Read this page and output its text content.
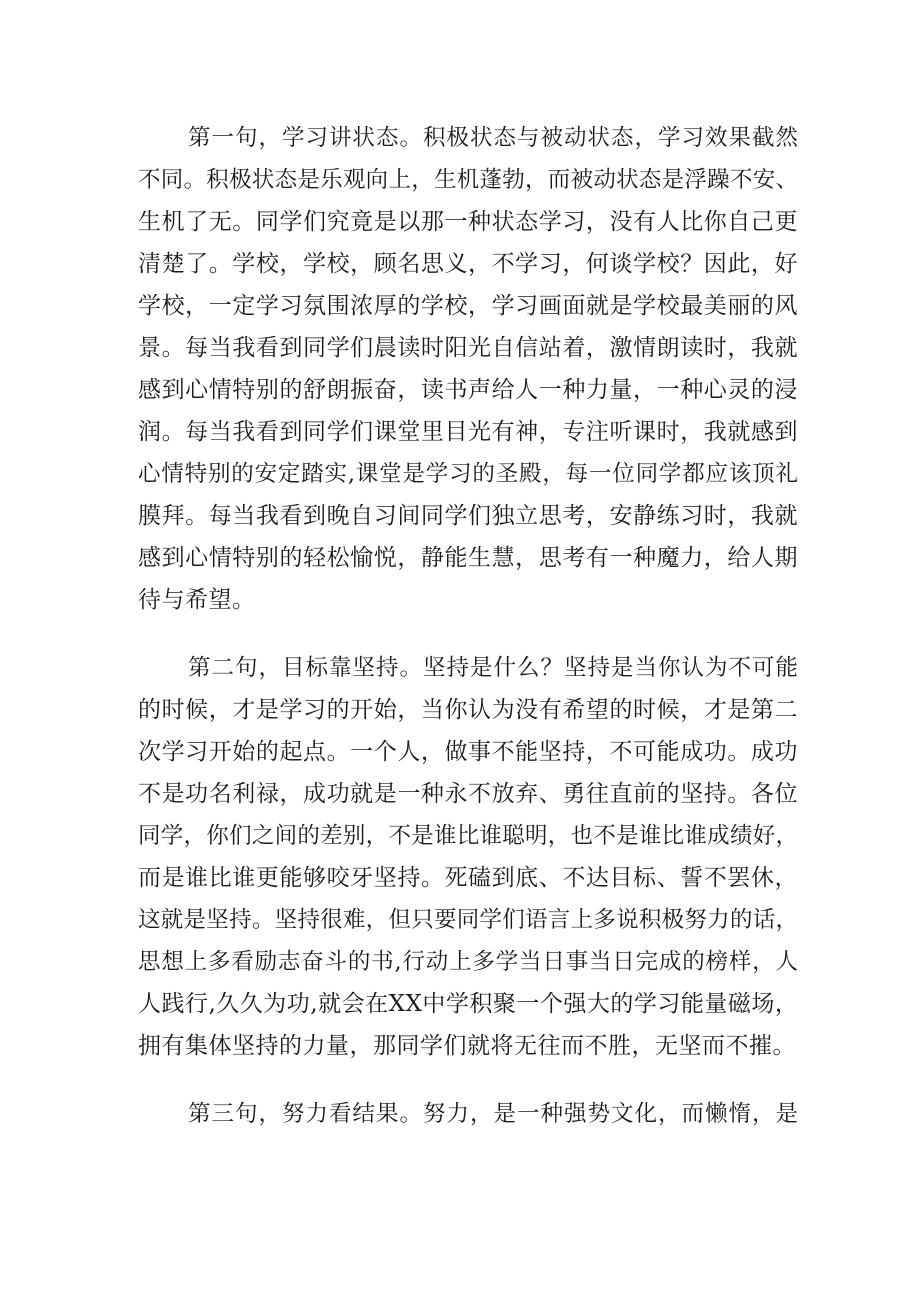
第一句，学习讲状态。积极状态与被动状态，学习效果截然
不同。积极状态是乐观向上，生机蓬勃，而被动状态是浮躁不安、
生机了无。同学们究竟是以那一种状态学习，没有人比你自己更
清楚了。学校，学校，顾名思义，不学习，何谈学校？因此，好
学校，一定学习氛围浓厚的学校，学习画面就是学校最美丽的风
景。每当我看到同学们晨读时阳光自信站着，激情朗读时，我就
感到心情特别的舒朗振奋，读书声给人一种力量，一种心灵的浸
润。每当我看到同学们课堂里目光有神，专注听课时，我就感到
心情特别的安定踏实,课堂是学习的圣殿，每一位同学都应该顶礼
膜拜。每当我看到晚自习间同学们独立思考，安静练习时，我就
感到心情特别的轻松愉悦，静能生慧，思考有一种魔力，给人期
待与希望。
第二句，目标靠坚持。坚持是什么？坚持是当你认为不可能
的时候，才是学习的开始，当你认为没有希望的时候，才是第二
次学习开始的起点。一个人，做事不能坚持，不可能成功。成功
不是功名利禄，成功就是一种永不放弃、勇往直前的坚持。各位
同学，你们之间的差别，不是谁比谁聪明，也不是谁比谁成绩好，
而是谁比谁更能够咬牙坚持。死磕到底、不达目标、誓不罢休，
这就是坚持。坚持很难，但只要同学们语言上多说积极努力的话，
思想上多看励志奋斗的书,行动上多学当日事当日完成的榜样，人
人践行,久久为功,就会在XX中学积聚一个强大的学习能量磁场，
拥有集体坚持的力量，那同学们就将无往而不胜，无坚而不摧。
第三句，努力看结果。努力，是一种强势文化，而懒惰，是
